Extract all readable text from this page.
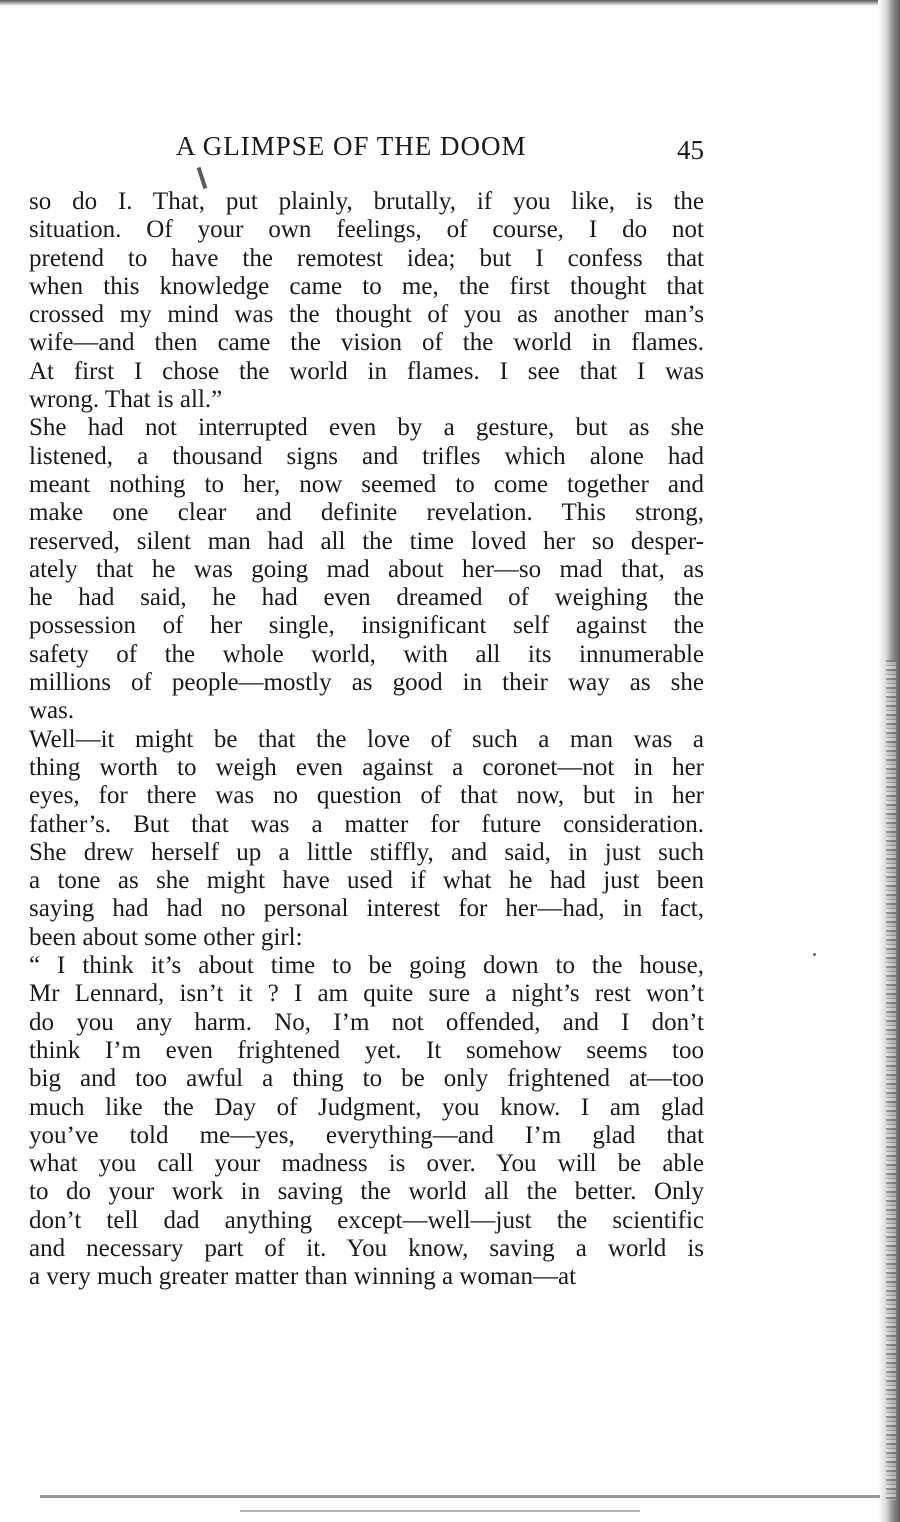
A GLIMPSE OF THE DOOM	45
so do I. That, put plainly, brutally, if you like, is the
situation. Of your own feelings, of course, I do not
pretend to have the remotest idea; but I confess that
when this knowledge came to me, the first thought that
crossed my mind was the thought of you as another man’s
wife—and then came the vision of the world in flames.
At first I chose the world in flames. I see that I was
wrong. That is all.”
She had not interrupted even by a gesture, but as she
listened, a thousand signs and trifles which alone had
meant nothing to her, now seemed to come together and
make one clear and definite revelation. This strong,
reserved, silent man had all the time loved her so desper-
ately that he was going mad about her—so mad that, as
he had said, he had even dreamed of weighing the
possession of her single, insignificant self against the
safety of the whole world, with all its innumerable
millions of people—mostly as good in their way as she
was.
Well—it might be that the love of such a man was a
thing worth to weigh even against a coronet—not in her
eyes, for there was no question of that now, but in her
father’s. But that was a matter for future consideration.
She drew herself up a little stiffly, and said, in just such
a tone as she might have used if what he had just been
saying had had no personal interest for her—had, in fact,
been about some other girl:
“ I think it’s about time to be going down to the house,
Mr Lennard, isn’t it ? I am quite sure a night’s rest won’t
do you any harm. No, I’m not offended, and I don’t
think I’m even frightened yet. It somehow seems too
big and too awful a thing to be only frightened at—too
much like the Day of Judgment, you know. I am glad
you’ve told me—yes, everything—and I’m glad that
what you call your madness is over. You will be able
to do your work in saving the world all the better. Only
don’t tell dad anything except—well—just the scientific
and necessary part of it. You know, saving a world is
a very much greater matter than winning a woman—at
